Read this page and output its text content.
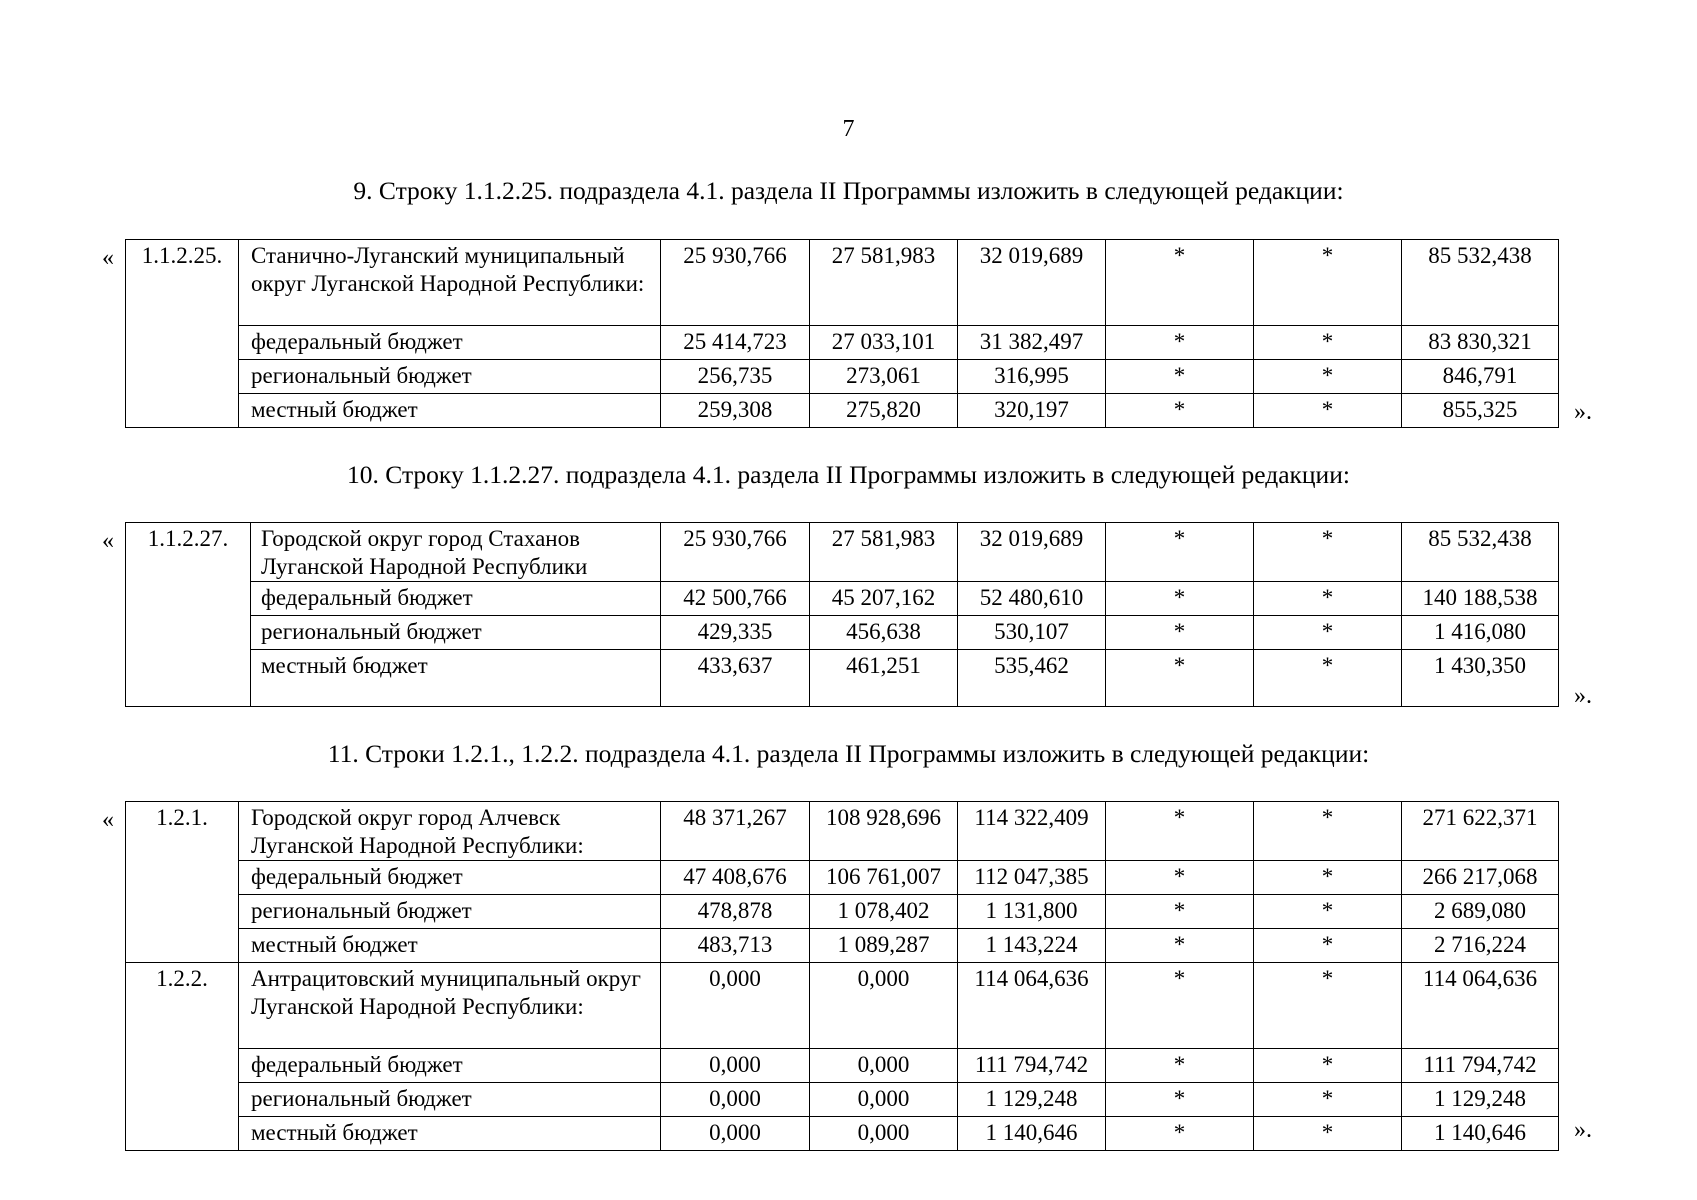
7
9. Строку 1.1.2.25. подраздела 4.1. раздела II Программы изложить в следующей редакции:
« 1.1.2.25.	Станично-Луганский муниципальный округ Луганской Народной Республики:	25 930,766	27 581,983	32 019,689	*	*	85 532,438
	федеральный бюджет	25 414,723	27 033,101	31 382,497	*	*	83 830,321
	региональный бюджет	256,735	273,061	316,995	*	*	846,791
	местный бюджет	259,308	275,820	320,197	*	*	855,325 ».
10. Строку 1.1.2.27. подраздела 4.1. раздела II Программы изложить в следующей редакции:
« 1.1.2.27.	Городской округ город Стаханов Луганской Народной Республики	25 930,766	27 581,983	32 019,689	*	*	85 532,438
	федеральный бюджет	42 500,766	45 207,162	52 480,610	*	*	140 188,538
	региональный бюджет	429,335	456,638	530,107	*	*	1 416,080
	местный бюджет	433,637	461,251	535,462	*	*	1 430,350
».
11. Строки 1.2.1., 1.2.2. подраздела 4.1. раздела II Программы изложить в следующей редакции:
« 1.2.1.	Городской округ город Алчевск Луганской Народной Республики:	48 371,267	108 928,696	114 322,409	*	*	271 622,371
	федеральный бюджет	47 408,676	106 761,007	112 047,385	*	*	266 217,068
	региональный бюджет	478,878	1 078,402	1 131,800	*	*	2 689,080
	местный бюджет	483,713	1 089,287	1 143,224	*	*	2 716,224
1.2.2.	Антрацитовский муниципальный округ Луганской Народной Республики:	0,000	0,000	114 064,636	*	*	114 064,636
	федеральный бюджет	0,000	0,000	111 794,742	*	*	111 794,742
	региональный бюджет	0,000	0,000	1 129,248	*	*	1 129,248
	местный бюджет	0,000	0,000	1 140,646	*	*	1 140,646 ».
